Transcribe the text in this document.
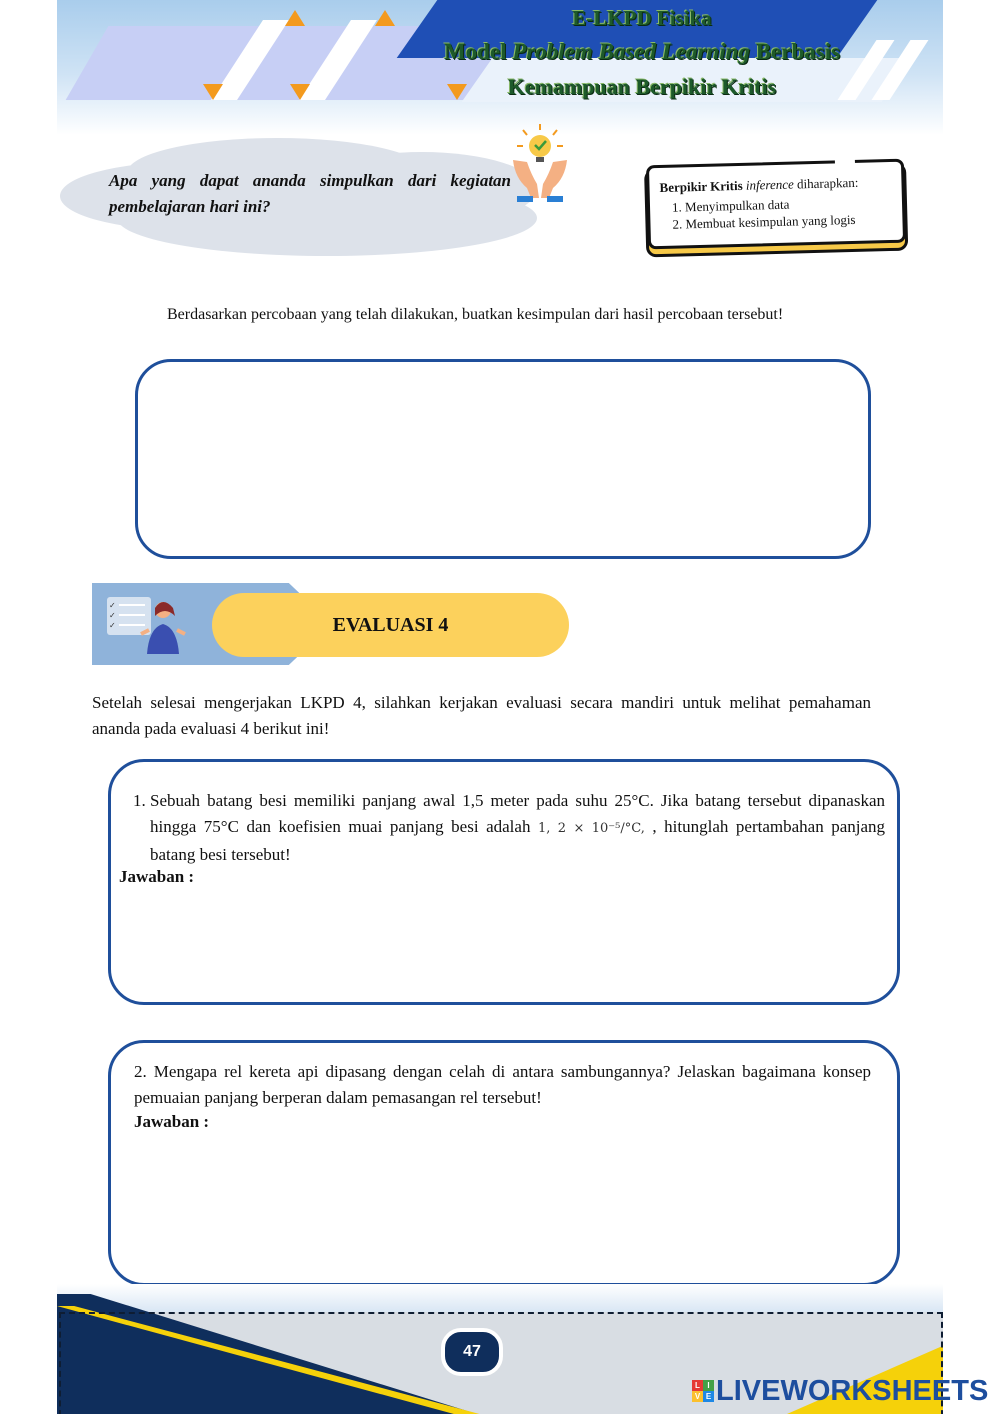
E-LKPD Fisika
Model Problem Based Learning Berbasis
Kemampuan Berpikir Kritis
Apa yang dapat ananda simpulkan dari kegiatan pembelajaran hari ini?
Berpikir Kritis inference diharapkan:
1. Menyimpulkan data
2. Membuat kesimpulan yang logis
Berdasarkan percobaan yang telah dilakukan, buatkan kesimpulan dari hasil percobaan tersebut!
✓
✓
✓	EVALUASI 4
Setelah selesai mengerjakan LKPD 4, silahkan kerjakan evaluasi secara mandiri untuk melihat pemahaman ananda pada evaluasi 4 berikut ini!
1. Sebuah batang besi memiliki panjang awal 1,5 meter pada suhu 25°C. Jika batang tersebut dipanaskan hingga 75°C dan koefisien muai panjang besi adalah 1, 2 × 10⁻⁵/°C, , hitunglah pertambahan panjang batang besi tersebut!
Jawaban :
2. Mengapa rel kereta api dipasang dengan celah di antara sambungannya? Jelaskan bagaimana konsep pemuaian panjang berperan dalam pemasangan rel tersebut!
Jawaban :
47
L I
V E LIVEWORKSHEETS
